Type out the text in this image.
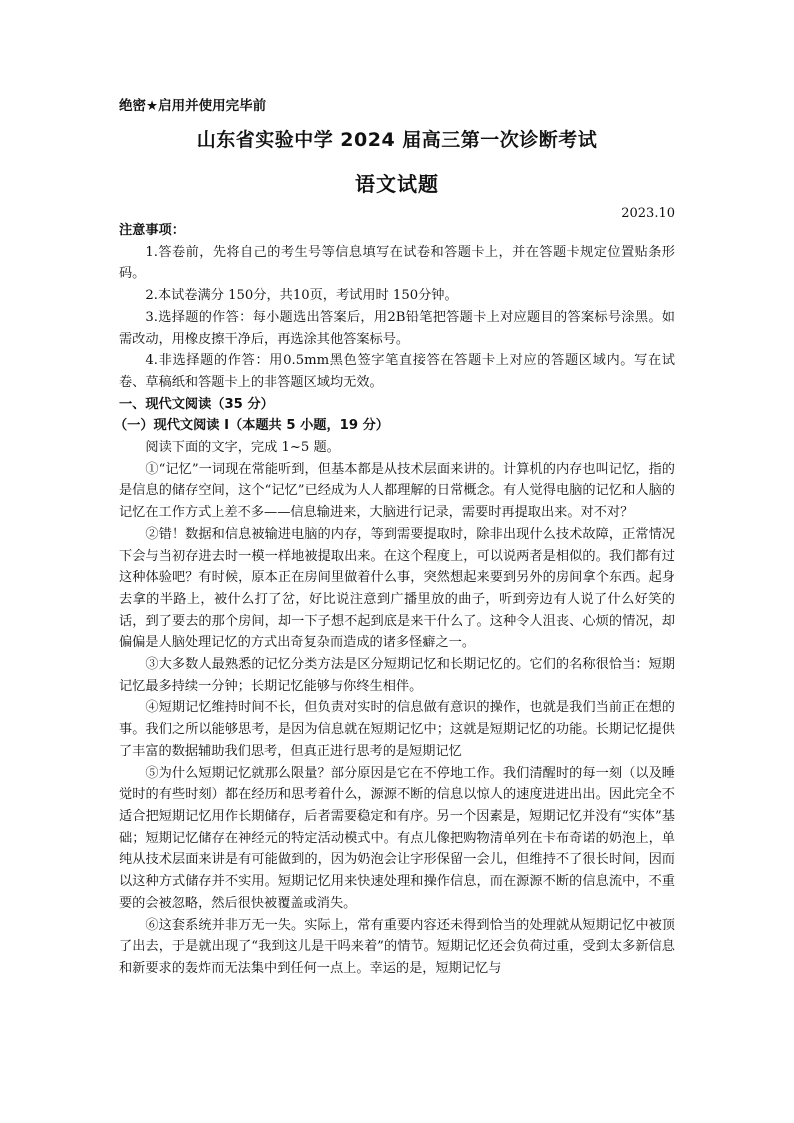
绝密★启用并使用完毕前
山东省实验中学 2024 届高三第一次诊断考试
语文试题
2023.10

注意事项：

1.答卷前，先将自己的考生号等信息填写在试卷和答题卡上，并在答题卡规定位置贴条形码。

2.本试卷满分 150分，共10页，考试用时 150分钟。

3.选择题的作答：每小题选出答案后，用2B铅笔把答题卡上对应题目的答案标号涂黑。如需改动，用橡皮擦干净后，再选涂其他答案标号。

4.非选择题的作答：用0.5mm黑色签字笔直接答在答题卡上对应的答题区域内。写在试卷、草稿纸和答题卡上的非答题区域均无效。

一、现代文阅读（35 分）

（一）现代文阅读 I（本题共 5 小题，19 分）

阅读下面的文字，完成 1~5 题。

①“记忆”一词现在常能听到，但基本都是从技术层面来讲的。计算机的内存也叫记忆，指的是信息的储存空间，这个“记忆”已经成为人人都理解的日常概念。有人觉得电脑的记忆和人脑的记忆在工作方式上差不多——信息输进来，大脑进行记录，需要时再提取出来。对不对？

②错！数据和信息被输进电脑的内存，等到需要提取时，除非出现什么技术故障，正常情况下会与当初存进去时一模一样地被提取出来。在这个程度上，可以说两者是相似的。我们都有过这种体验吧？有时候，原本正在房间里做着什么事，突然想起来要到另外的房间拿个东西。起身去拿的半路上，被什么打了岔，好比说注意到广播里放的曲子，听到旁边有人说了什么好笑的话，到了要去的那个房间，却一下子想不起到底是来干什么了。这种令人沮丧、心烦的情况，却偏偏是人脑处理记忆的方式出奇复杂而造成的诸多怪癖之一。

③大多数人最熟悉的记忆分类方法是区分短期记忆和长期记忆的。它们的名称很恰当：短期记忆最多持续一分钟；长期记忆能够与你终生相伴。

④短期记忆维持时间不长，但负责对实时的信息做有意识的操作，也就是我们当前正在想的事。我们之所以能够思考，是因为信息就在短期记忆中；这就是短期记忆的功能。长期记忆提供了丰富的数据辅助我们思考，但真正进行思考的是短期记忆

⑤为什么短期记忆就那么限量？部分原因是它在不停地工作。我们清醒时的每一刻（以及睡觉时的有些时刻）都在经历和思考着什么，源源不断的信息以惊人的速度进进出出。因此完全不适合把短期记忆用作长期储存，后者需要稳定和有序。另一个因素是，短期记忆并没有“实体”基础；短期记忆储存在神经元的特定活动模式中。有点儿像把购物清单列在卡布奇诺的奶泡上，单纯从技术层面来讲是有可能做到的，因为奶泡会让字形保留一会儿，但维持不了很长时间，因而以这种方式储存并不实用。短期记忆用来快速处理和操作信息，而在源源不断的信息流中，不重要的会被忽略，然后很快被覆盖或消失。

⑥这套系统并非万无一失。实际上，常有重要内容还未得到恰当的处理就从短期记忆中被顶了出去，于是就出现了“我到这儿是干吗来着”的情节。短期记忆还会负荷过重，受到太多新信息和新要求的轰炸而无法集中到任何一点上。幸运的是，短期记忆与
